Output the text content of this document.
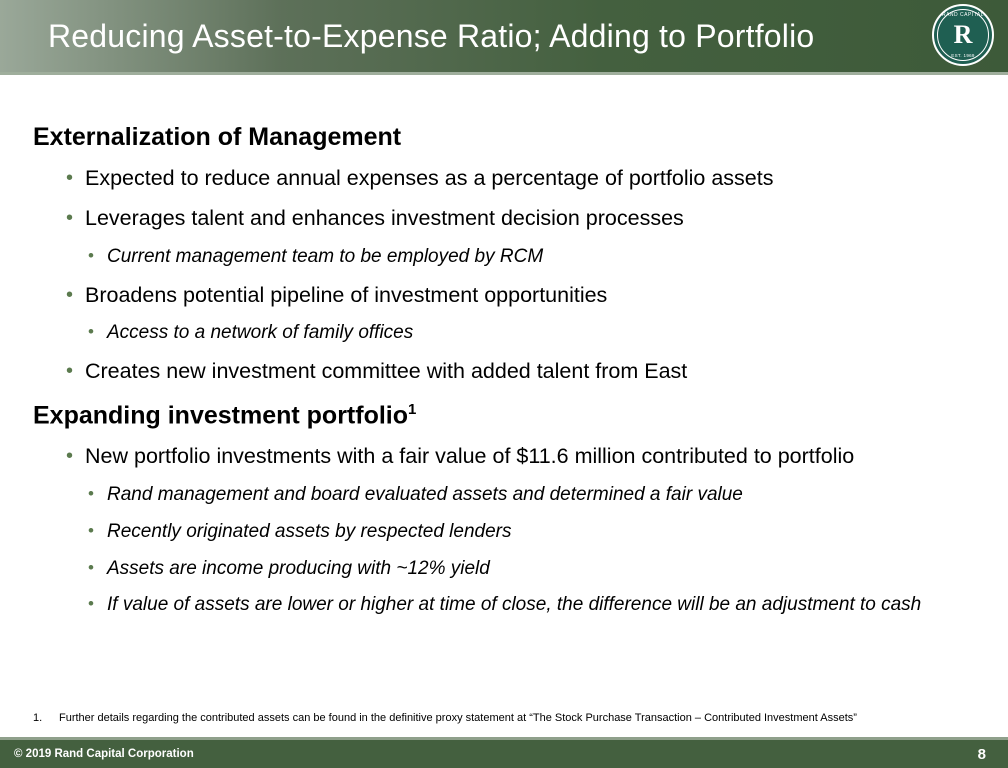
Reducing Asset-to-Expense Ratio; Adding to Portfolio
RAND CAPITAL
R
EST. 1969
Externalization of Management
• Expected to reduce annual expenses as a percentage of portfolio assets
• Leverages talent and enhances investment decision processes
• Current management team to be employed by RCM
• Broadens potential pipeline of investment opportunities
• Access to a network of family offices
• Creates new investment committee with added talent from East
Expanding investment portfolio$^1$
• New portfolio investments with a fair value of $11.6 million contributed to portfolio
• Rand management and board evaluated assets and determined a fair value
• Recently originated assets by respected lenders
• Assets are income producing with ~12% yield
• If value of assets are lower or higher at time of close, the difference will be an adjustment to cash
1.	Further details regarding the contributed assets can be found in the definitive proxy statement at “The Stock Purchase Transaction – Contributed Investment Assets”
© 2019 Rand Capital Corporation	8
